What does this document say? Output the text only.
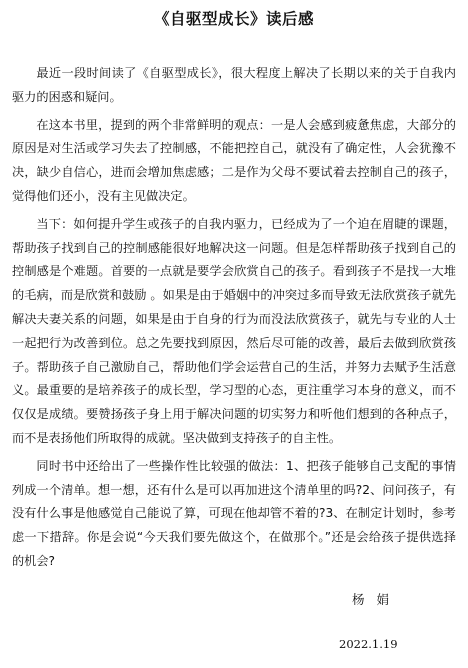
《自驱型成长》读后感

最近一段时间读了《自驱型成长》，很大程度上解决了长期以来的关于自我内驱力的困惑和疑问。

在这本书里，提到的两个非常鲜明的观点：一是人会感到疲惫焦虑，大部分的原因是对生活或学习失去了控制感，不能把控自己，就没有了确定性，人会犹豫不决，缺少自信心，进而会增加焦虑感；二是作为父母不要试着去控制自己的孩子，觉得他们还小，没有主见做决定。

当下：如何提升学生或孩子的自我内驱力，已经成为了一个迫在眉睫的课题，帮助孩子找到自己的控制感能很好地解决这一问题。但是怎样帮助孩子找到自己的控制感是个难题。首要的一点就是要学会欣赏自己的孩子。看到孩子不是找一大堆的毛病，而是欣赏和鼓励 。如果是由于婚姻中的冲突过多而导致无法欣赏孩子就先解决夫妻关系的问题，如果是由于自身的行为而没法欣赏孩子，就先与专业的人士一起把行为改善到位。总之先要找到原因，然后尽可能的改善，最后去做到欣赏孩子。帮助孩子自己激励自己，帮助他们学会运营自己的生活，并努力去赋予生活意义。最重要的是培养孩子的成长型，学习型的心态，更注重学习本身的意义，而不仅仅是成绩。要赞扬孩子身上用于解决问题的切实努力和听他们想到的各种点子，而不是表扬他们所取得的成就。坚决做到支持孩子的自主性。

同时书中还给出了一些操作性比较强的做法：1、把孩子能够自己支配的事情列成一个清单。想一想，还有什么是可以再加进这个清单里的吗?2、问问孩子，有没有什么事是他感觉自己能说了算，可现在他却管不着的?3、在制定计划时，参考虑一下措辞。你是会说“今天我们要先做这个，在做那个。”还是会给孩子提供选择的机会?

杨娟
2022.1.19
